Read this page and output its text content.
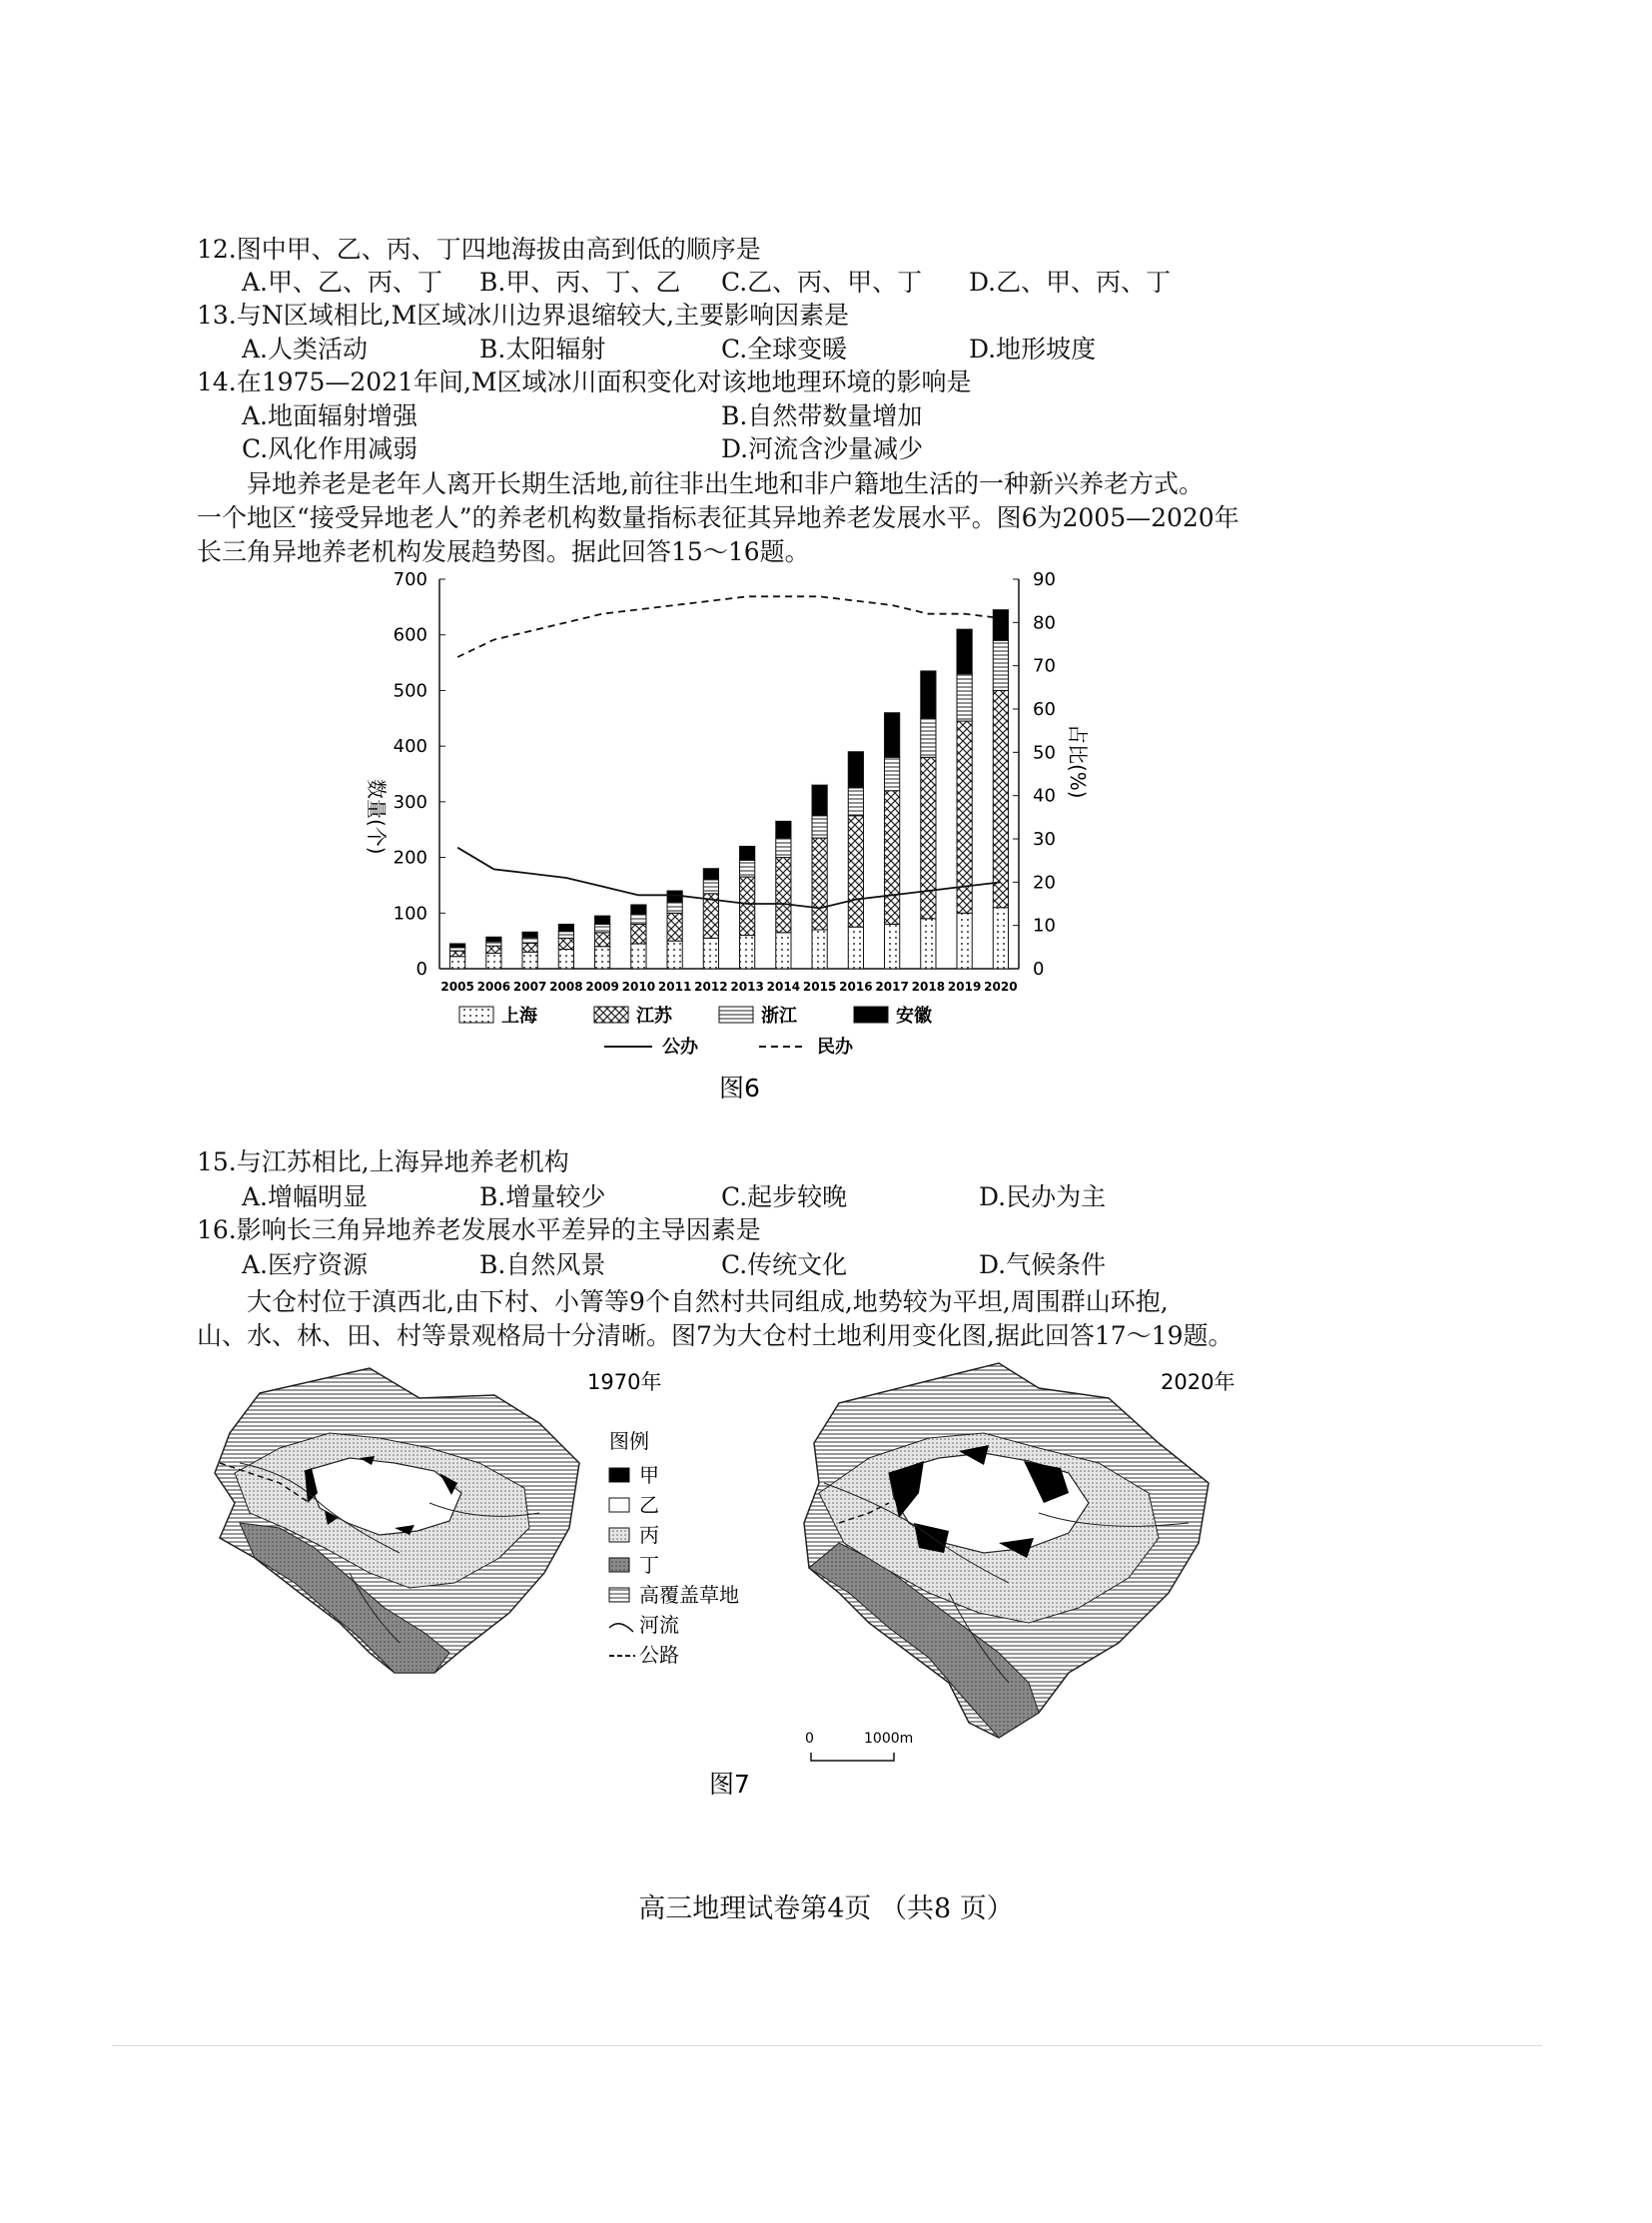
12.图中甲、乙、丙、丁四地海拔由高到低的顺序是
A.甲、乙、丙、丁 B.甲、丙、丁、乙 C.乙、丙、甲、丁 D.乙、甲、丙、丁
13.与N区域相比,M区域冰川边界退缩较大,主要影响因素是
A.人类活动	B.太阳辐射	C.全球变暖	D.地形坡度
14.在1975—2021年间,M区域冰川面积变化对该地地理环境的影响是
A.地面辐射增强	B.自然带数量增加
C.风化作用减弱	D.河流含沙量减少
异地养老是老年人离开长期生活地,前往非出生地和非户籍地生活的一种新兴养老方式。
一个地区“接受异地老人”的养老机构数量指标表征其异地养老发展水平。图6为2005—2020年
长三角异地养老机构发展趋势图。据此回答15～16题。
0
100
200
300
400
500
600
700
0
10
20
30
40
50
60
70
80
90
2005 2006 2007 2008 2009 2010 2011 2012 2013 2014 2015 2016 2017 2018 2019 2020
数量(个)
占比(%)
上海	江苏	浙江	安徽
公办	民办
图6
15.与江苏相比,上海异地养老机构
A.增幅明显	B.增量较少	C.起步较晚	D.民办为主
16.影响长三角异地养老发展水平差异的主导因素是
A.医疗资源	B.自然风景	C.传统文化	D.气候条件
大仓村位于滇西北,由下村、小箐等9个自然村共同组成,地势较为平坦,周围群山环抱,
山、水、林、田、村等景观格局十分清晰。图7为大仓村土地利用变化图,据此回答17～19题。
1970年
图例
甲
乙
丙
丁
高覆盖草地
河流
公路
2020年
0	1000m
图7
高三地理试卷第4页 （共8 页）
